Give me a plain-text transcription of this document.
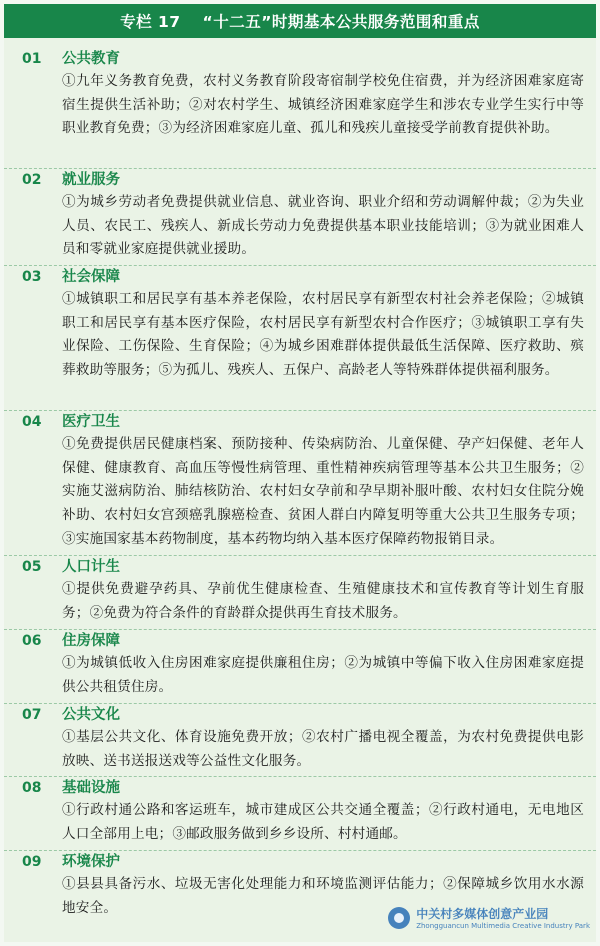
专栏 17 “十二五”时期基本公共服务范围和重点
01 公共教育
①九年义务教育免费，农村义务教育阶段寄宿制学校免住宿费，并为经济困难家庭寄宿生提供生活补助；②对农村学生、城镇经济困难家庭学生和涉农专业学生实行中等职业教育免费；③为经济困难家庭儿童、孤儿和残疾儿童接受学前教育提供补助。
02 就业服务
①为城乡劳动者免费提供就业信息、就业咨询、职业介绍和劳动调解仲裁；②为失业人员、农民工、残疾人、新成长劳动力免费提供基本职业技能培训；③为就业困难人员和零就业家庭提供就业援助。
03 社会保障
①城镇职工和居民享有基本养老保险，农村居民享有新型农村社会养老保险；②城镇职工和居民享有基本医疗保险，农村居民享有新型农村合作医疗；③城镇职工享有失业保险、工伤保险、生育保险；④为城乡困难群体提供最低生活保障、医疗救助、殡葬救助等服务；⑤为孤儿、残疾人、五保户、高龄老人等特殊群体提供福利服务。
04 医疗卫生
①免费提供居民健康档案、预防接种、传染病防治、儿童保健、孕产妇保健、老年人保健、健康教育、高血压等慢性病管理、重性精神疾病管理等基本公共卫生服务；②实施艾滋病防治、肺结核防治、农村妇女孕前和孕早期补服叶酸、农村妇女住院分娩补助、农村妇女宫颈癌乳腺癌检查、贫困人群白内障复明等重大公共卫生服务专项；③实施国家基本药物制度，基本药物均纳入基本医疗保障药物报销目录。
05 人口计生
①提供免费避孕药具、孕前优生健康检查、生殖健康技术和宣传教育等计划生育服务；②免费为符合条件的育龄群众提供再生育技术服务。
06 住房保障
①为城镇低收入住房困难家庭提供廉租住房；②为城镇中等偏下收入住房困难家庭提供公共租赁住房。
07 公共文化
①基层公共文化、体育设施免费开放；②农村广播电视全覆盖，为农村免费提供电影放映、送书送报送戏等公益性文化服务。
08 基础设施
①行政村通公路和客运班车，城市建成区公共交通全覆盖；②行政村通电，无电地区人口全部用上电；③邮政服务做到乡乡设所、村村通邮。
09 环境保护
①县县具备污水、垃圾无害化处理能力和环境监测评估能力；②保障城乡饮用水水源地安全。	中关村多媒体创意产业园
Zhongguancun Multimedia Creative Industry Park
